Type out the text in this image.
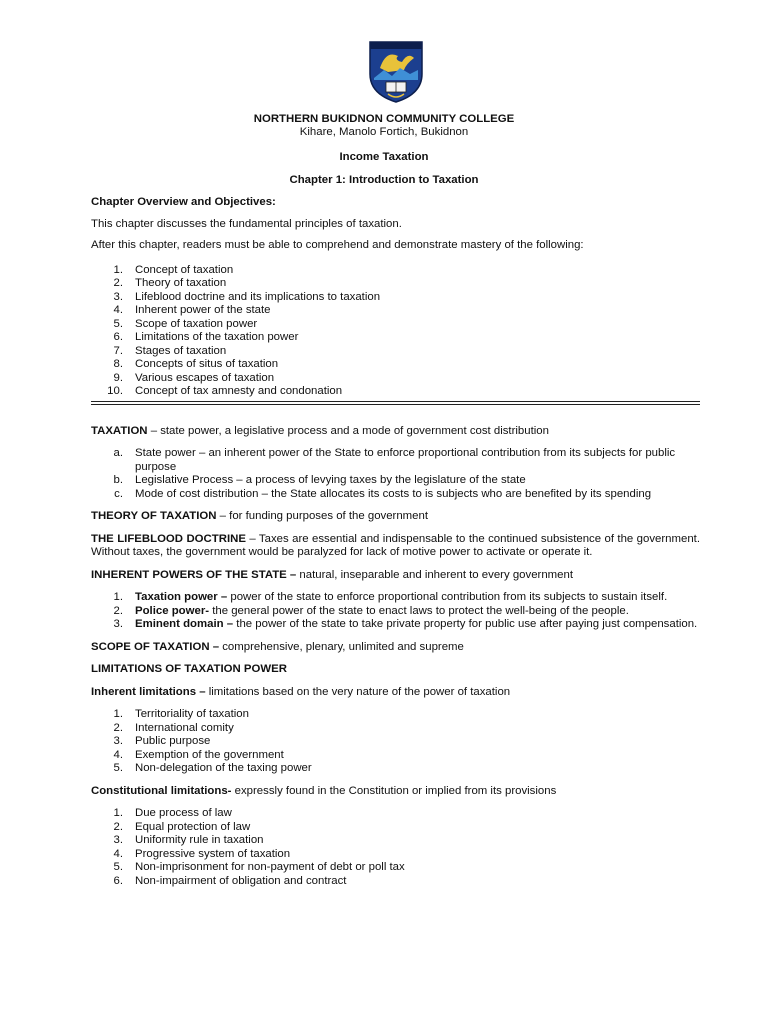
NORTHERN BUKIDNON COMMUNITY COLLEGE
Kihare, Manolo Fortich, Bukidnon
Income Taxation
Chapter 1: Introduction to Taxation

Chapter Overview and Objectives:

This chapter discusses the fundamental principles of taxation.

After this chapter, readers must be able to comprehend and demonstrate mastery of the following:

1. Concept of taxation
2. Theory of taxation
3. Lifeblood doctrine and its implications to taxation
4. Inherent power of the state
5. Scope of taxation power
6. Limitations of the taxation power
7. Stages of taxation
8. Concepts of situs of taxation
9. Various escapes of taxation
10. Concept of tax amnesty and condonation

TAXATION – state power, a legislative process and a mode of government cost distribution

a. State power – an inherent power of the State to enforce proportional contribution from its subjects for public purpose
b. Legislative Process – a process of levying taxes by the legislature of the state
c. Mode of cost distribution – the State allocates its costs to is subjects who are benefited by its spending

THEORY OF TAXATION – for funding purposes of the government

THE LIFEBLOOD DOCTRINE – Taxes are essential and indispensable to the continued subsistence of the government. Without taxes, the government would be paralyzed for lack of motive power to activate or operate it.

INHERENT POWERS OF THE STATE – natural, inseparable and inherent to every government

1. Taxation power – power of the state to enforce proportional contribution from its subjects to sustain itself.
2. Police power- the general power of the state to enact laws to protect the well-being of the people.
3. Eminent domain – the power of the state to take private property for public use after paying just compensation.

SCOPE OF TAXATION – comprehensive, plenary, unlimited and supreme

LIMITATIONS OF TAXATION POWER

Inherent limitations – limitations based on the very nature of the power of taxation

1. Territoriality of taxation
2. International comity
3. Public purpose
4. Exemption of the government
5. Non-delegation of the taxing power

Constitutional limitations- expressly found in the Constitution or implied from its provisions

1. Due process of law
2. Equal protection of law
3. Uniformity rule in taxation
4. Progressive system of taxation
5. Non-imprisonment for non-payment of debt or poll tax
6. Non-impairment of obligation and contract
